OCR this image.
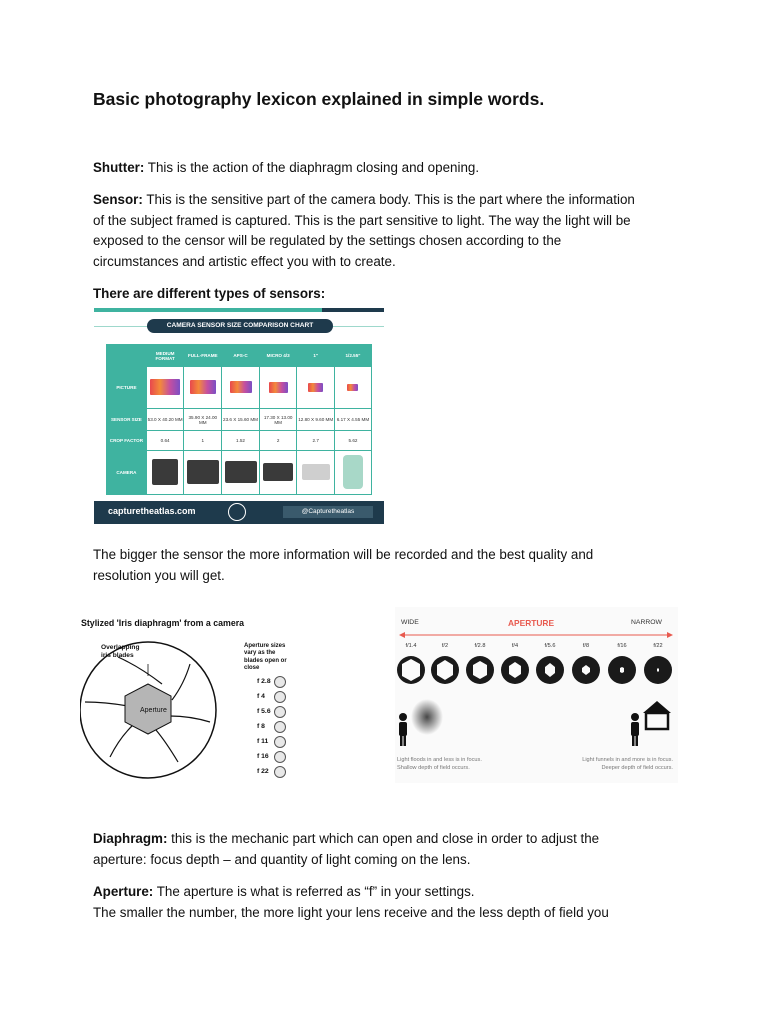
Basic photography lexicon explained in simple words.
Shutter: This is the action of the diaphragm closing and opening.
Sensor: This is the sensitive part of the camera body. This is the part where the information
of the subject framed is captured. This is the part sensitive to light. The way the light will be
exposed to the censor will be regulated by the settings chosen according to the
circumstances and artistic effect you with to create.
There are different types of sensors:
CAMERA SENSOR SIZE COMPARISON CHART
	MEDIUM FORMAT	FULL-FRAME	APS-C	MICRO 4/3	1"	1/2.55"
PICTURE						
SENSOR SIZE	53.0 X 40.20 MM	35.90 X 24.00 MM	23.6 X 15.60 MM	17.30 X 13.00 MM	12.80 X 9.60 MM	6.17 X 4.55 MM
CROP FACTOR	0.64	1	1.52	2	2.7	5.62
CAMERA						
capturetheatlas.com	@Capturetheatlas
The bigger the sensor the more information will be recorded and the best quality and
resolution you will get.
Stylized 'Iris diaphragm' from a camera
Overlapping
iris blades
Aperture
Aperture sizes
vary as the
blades open or
close
f 2.8
f 4
f 5.6
f 8
f 11
f 16
f 22
WIDE	APERTURE	NARROW
f/1.4	f/2	f/2.8	f/4	f/5.6	f/8	f/16	f/22
Light floods in and less is in focus.
Shallow depth of field occurs.
Light funnels in and more is in focus.
Deeper depth of field occurs.
Diaphragm: this is the mechanic part which can open and close in order to adjust the
aperture: focus depth – and quantity of light coming on the lens.
Aperture: The aperture is what is referred as “f” in your settings.
The smaller the number, the more light your lens receive and the less depth of field you
